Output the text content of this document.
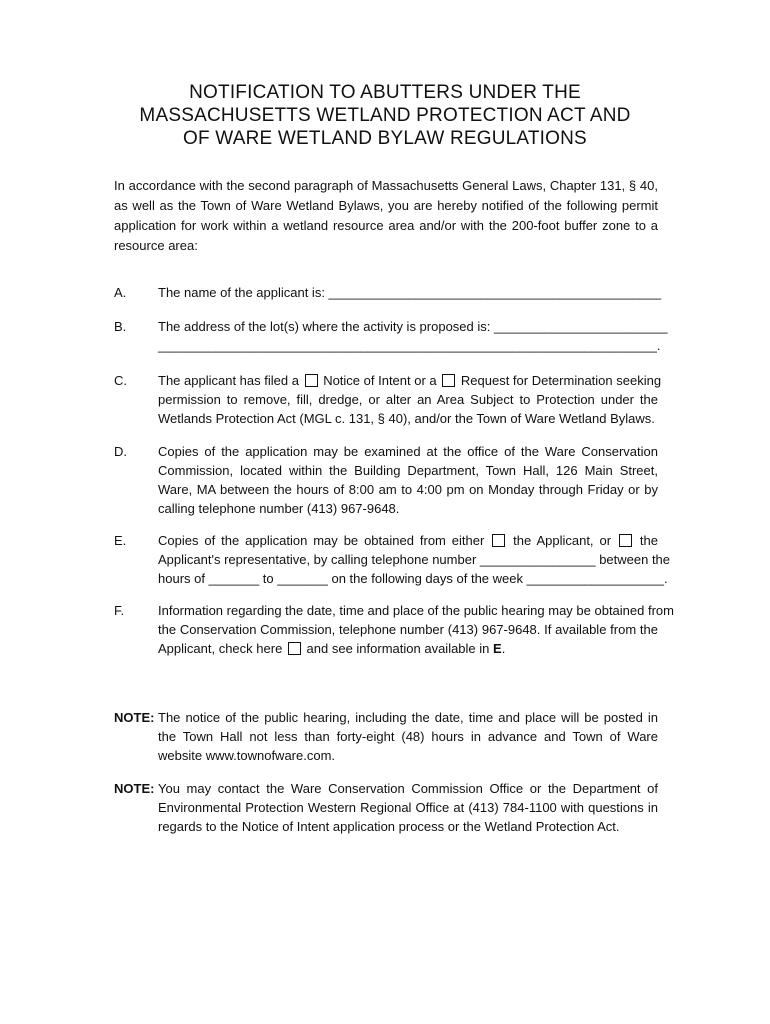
NOTIFICATION TO ABUTTERS UNDER THE
MASSACHUSETTS WETLAND PROTECTION ACT AND
OF WARE WETLAND BYLAW REGULATIONS
In accordance with the second paragraph of Massachusetts General Laws, Chapter 131, § 40, as well as the Town of Ware Wetland Bylaws, you are hereby notified of the following permit application for work within a wetland resource area and/or with the 200-foot buffer zone to a resource area:
A. The name of the applicant is: ______________________________________________
B. The address of the lot(s) where the activity is proposed is: ________________________
_____________________________________________________________________.
C. The applicant has filed a Notice of Intent or a Request for Determination seeking
permission to remove, fill, dredge, or alter an Area Subject to Protection under the Wetlands Protection Act (MGL c. 131, § 40), and/or the Town of Ware Wetland Bylaws.
D. Copies of the application may be examined at the office of the Ware Conservation Commission, located within the Building Department, Town Hall, 126 Main Street, Ware, MA between the hours of 8:00 am to 4:00 pm on Monday through Friday or by calling telephone number (413) 967-9648.
E. Copies of the application may be obtained from either the Applicant, or the
Applicant's representative, by calling telephone number ________________ between the
hours of _______ to _______ on the following days of the week ___________________.
F.	Information regarding the date, time and place of the public hearing may be obtained from
the Conservation Commission, telephone number (413) 967-9648. If available from the
Applicant, check here and see information available in E.
NOTE: The notice of the public hearing, including the date, time and place will be posted in the Town Hall not less than forty-eight (48) hours in advance and Town of Ware website www.townofware.com.
NOTE: You may contact the Ware Conservation Commission Office or the Department of Environmental Protection Western Regional Office at (413) 784-1100 with questions in regards to the Notice of Intent application process or the Wetland Protection Act.
